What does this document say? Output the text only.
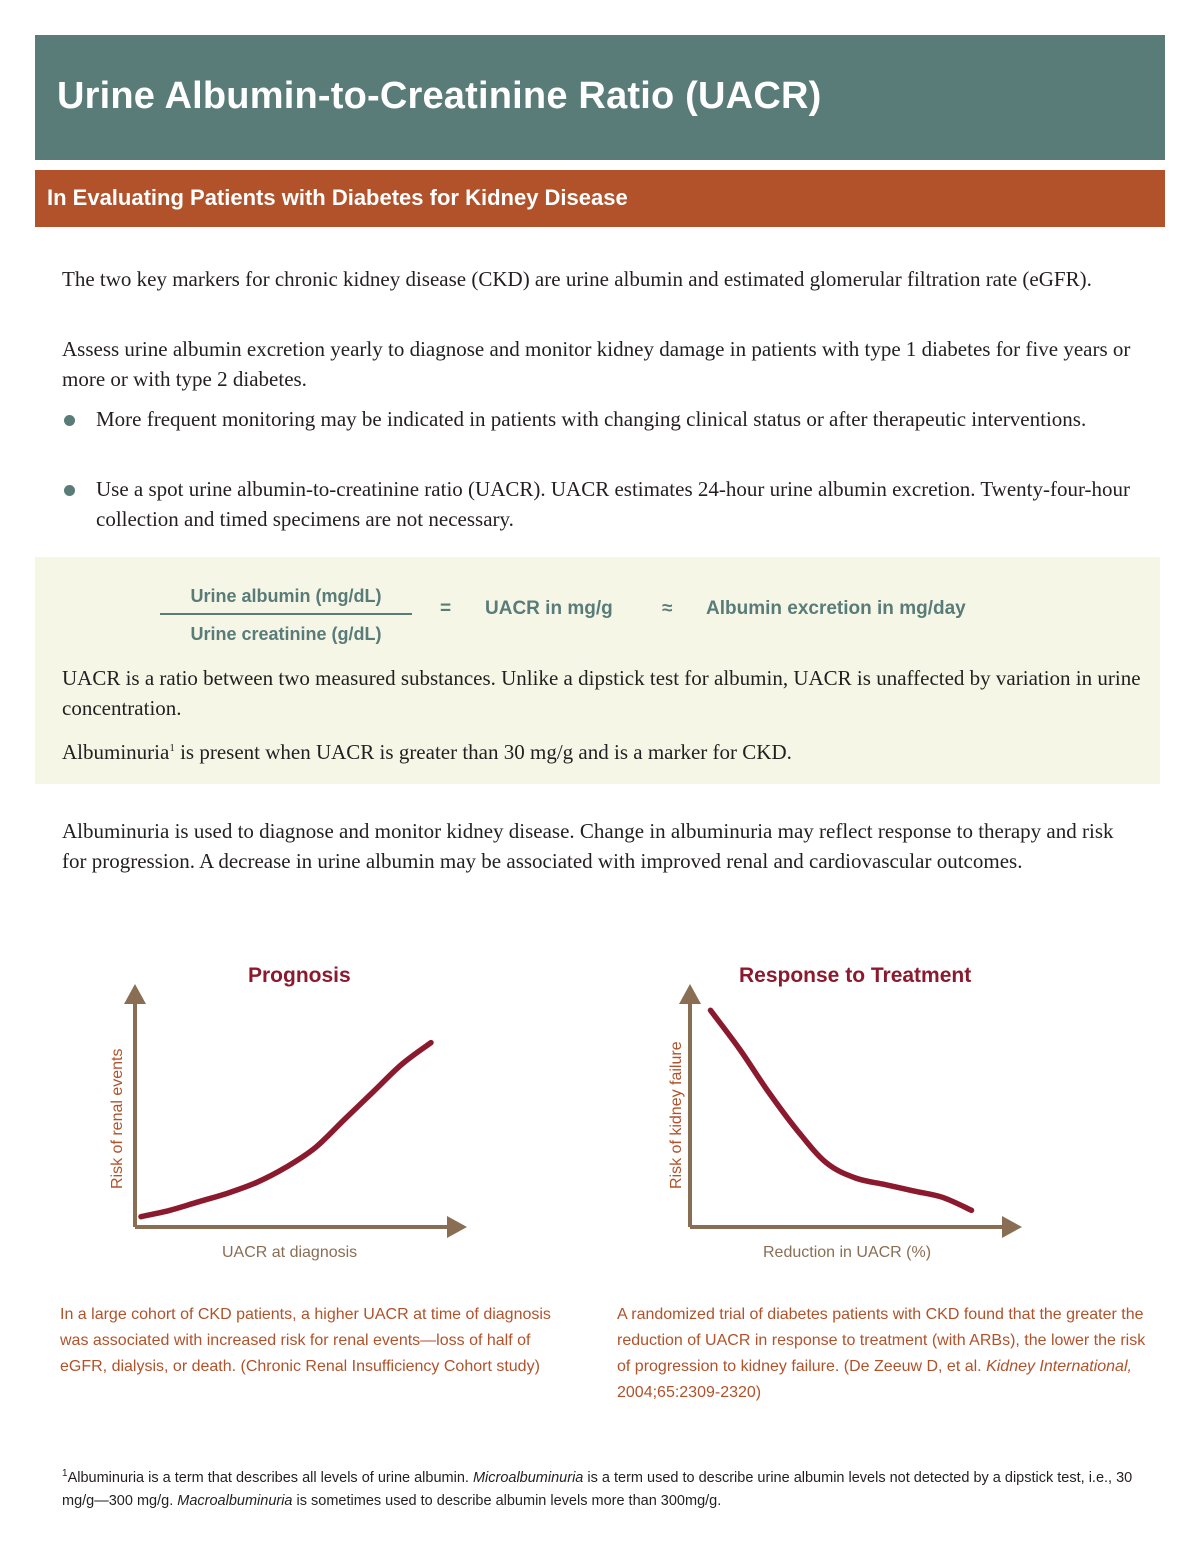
Urine Albumin-to-Creatinine Ratio (UACR)
In Evaluating Patients with Diabetes for Kidney Disease

The two key markers for chronic kidney disease (CKD) are urine albumin and estimated glomerular filtration rate (eGFR).

Assess urine albumin excretion yearly to diagnose and monitor kidney damage in patients with type 1 diabetes for five years or more or with type 2 diabetes.

More frequent monitoring may be indicated in patients with changing clinical status or after therapeutic interventions.
Use a spot urine albumin-to-creatinine ratio (UACR). UACR estimates 24-hour urine albumin excretion. Twenty-four-hour collection and timed specimens are not necessary.
Urine albumin (mg/dL)
Urine creatinine (g/dL)
= UACR in mg/g	≈ Albumin excretion in mg/day

UACR is a ratio between two measured substances. Unlike a dipstick test for albumin, UACR is unaffected by variation in urine concentration.

Albuminuria$^1$ is present when UACR is greater than 30 mg/g and is a marker for CKD.

Albuminuria is used to diagnose and monitor kidney disease. Change in albuminuria may reflect response to therapy and risk for progression. A decrease in urine albumin may be associated with improved renal and cardiovascular outcomes.

Prognosis
Risk of renal events
UACR at diagnosis
Response to Treatment
Risk of kidney failure
Reduction in UACR (%)

In a large cohort of CKD patients, a higher UACR at time of diagnosis was associated with increased risk for renal events—loss of half of eGFR, dialysis, or death. (Chronic Renal Insufficiency Cohort study)

A randomized trial of diabetes patients with CKD found that the greater the reduction of UACR in response to treatment (with ARBs), the lower the risk of progression to kidney failure. (De Zeeuw D, et al. Kidney International, 2004;65:2309-2320)

$^1$Albuminuria is a term that describes all levels of urine albumin. Microalbuminuria is a term used to describe urine albumin levels not detected by a dipstick test, i.e., 30 mg/g—300 mg/g. Macroalbuminuria is sometimes used to describe albumin levels more than 300mg/g.
